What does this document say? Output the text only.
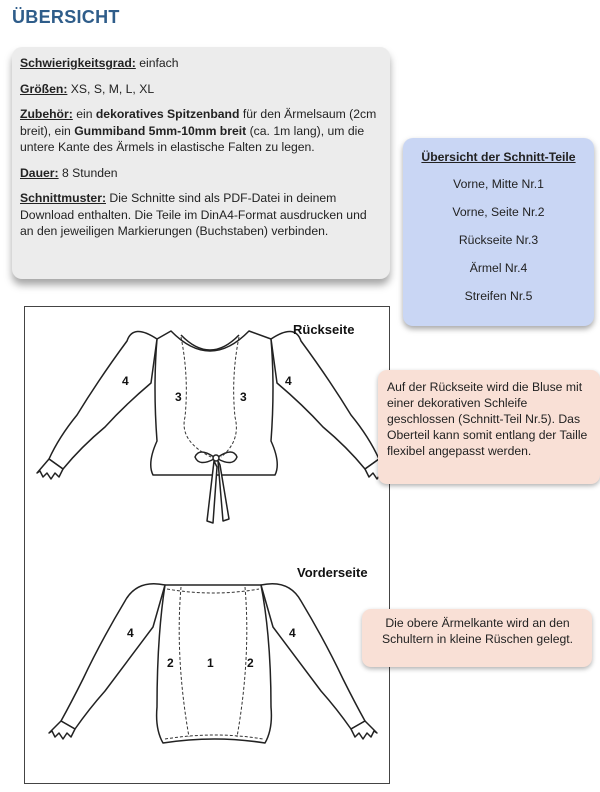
ÜBERSICHT

Schwierigkeitsgrad: einfach

Größen: XS, S, M, L, XL

Zubehör: ein dekoratives Spitzenband für den Ärmelsaum (2cm breit), ein Gummiband 5mm-10mm breit (ca. 1m lang), um die untere Kante des Ärmels in elastische Falten zu legen.

Dauer: 8 Stunden

Schnittmuster: Die Schnitte sind als PDF-Datei in deinem Download enthalten. Die Teile im DinA4-Format ausdrucken und an den jeweiligen Markierungen (Buchstaben) verbinden.

Übersicht der Schnitt-Teile
Vorne, Mitte Nr.1
Vorne, Seite Nr.2
Rückseite Nr.3
Ärmel Nr.4
Streifen Nr.5
Rückseite
4
3	3
4
Vorderseite
4
2	1	2
4
Auf der Rückseite wird die Bluse mit einer dekorativen Schleife geschlossen (Schnitt-Teil Nr.5). Das Oberteil kann somit entlang der Taille flexibel angepasst werden.
Die obere Ärmelkante wird an den Schultern in kleine Rüschen gelegt.
